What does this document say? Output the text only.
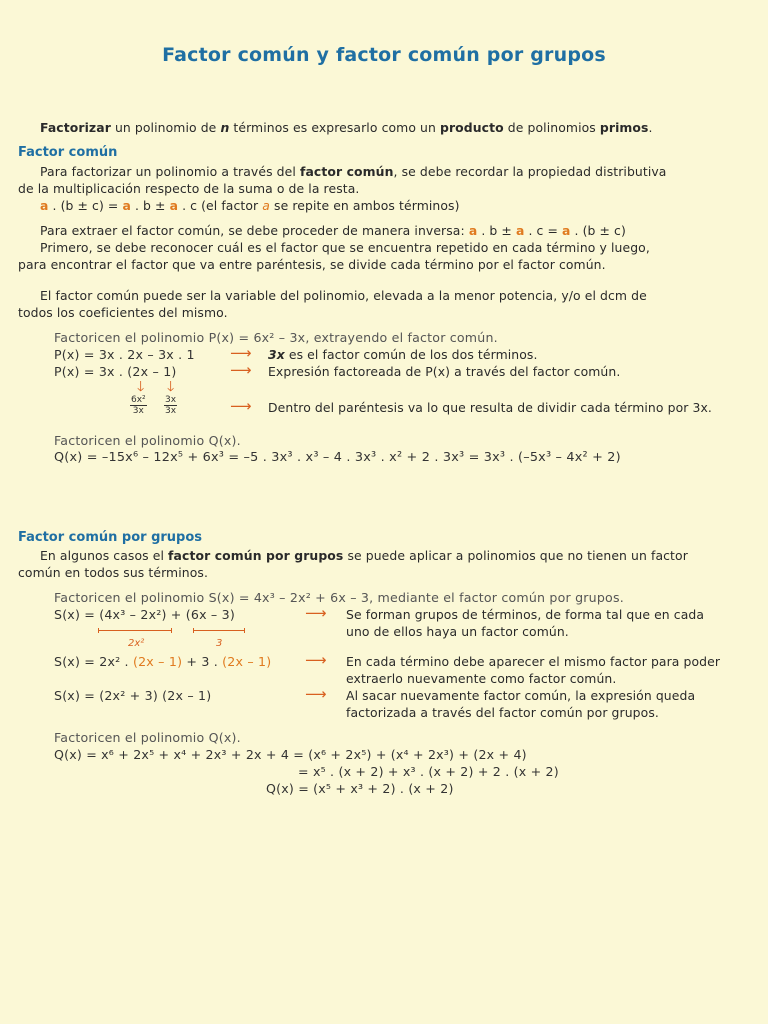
Factor común y factor común por grupos
Factorizar un polinomio de n términos es expresarlo como un producto de polinomios primos.
Factor común
Para factorizar un polinomio a través del factor común, se debe recordar la propiedad distributiva
de la multiplicación respecto de la suma o de la resta.
a . (b ± c) = a . b ± a . c (el factor a se repite en ambos términos)
Para extraer el factor común, se debe proceder de manera inversa: a . b ± a . c = a . (b ± c)
Primero, se debe reconocer cuál es el factor que se encuentra repetido en cada término y luego,
para encontrar el factor que va entre paréntesis, se divide cada término por el factor común.
El factor común puede ser la variable del polinomio, elevada a la menor potencia, y/o el dcm de
todos los coeficientes del mismo.
Factoricen el polinomio P(x) = 6x² – 3x, extrayendo el factor común.
P(x) = 3x . 2x – 3x . 1 ⟶ 3x es el factor común de los dos términos.
P(x) = 3x . (2x – 1)	⟶ Expresión factoreada de P(x) a través del factor común.
🡓 🡓
$\frac{\text{6x²}}{3x} \frac{3x}{3x}$	⟶ Dentro del paréntesis va lo que resulta de dividir cada término por 3x.
Factoricen el polinomio Q(x).
Q(x) = –15x⁶ – 12x⁵ + 6x³ = –5 . 3x³ . x³ – 4 . 3x³ . x² + 2 . 3x³ = 3x³ . (–5x³ – 4x² + 2)
Factor común por grupos
En algunos casos el factor común por grupos se puede aplicar a polinomios que no tienen un factor
común en todos sus términos.
Factoricen el polinomio S(x) = 4x³ – 2x² + 6x – 3, mediante el factor común por grupos.
S(x) = (4x³ – 2x²) + (6x – 3)	⟶ Se forman grupos de términos, de forma tal que en cada
uno de ellos haya un factor común.
2x²	3
S(x) = 2x² . (2x – 1) + 3 . (2x – 1) ⟶ En cada término debe aparecer el mismo factor para poder
extraerlo nuevamente como factor común.
S(x) = (2x² + 3) (2x – 1)	⟶ Al sacar nuevamente factor común, la expresión queda
factorizada a través del factor común por grupos.
Factoricen el polinomio Q(x).
Q(x) = x⁶ + 2x⁵ + x⁴ + 2x³ + 2x + 4 = (x⁶ + 2x⁵) + (x⁴ + 2x³) + (2x + 4)
= x⁵ . (x + 2) + x³ . (x + 2) + 2 . (x + 2)
Q(x) = (x⁵ + x³ + 2) . (x + 2)
